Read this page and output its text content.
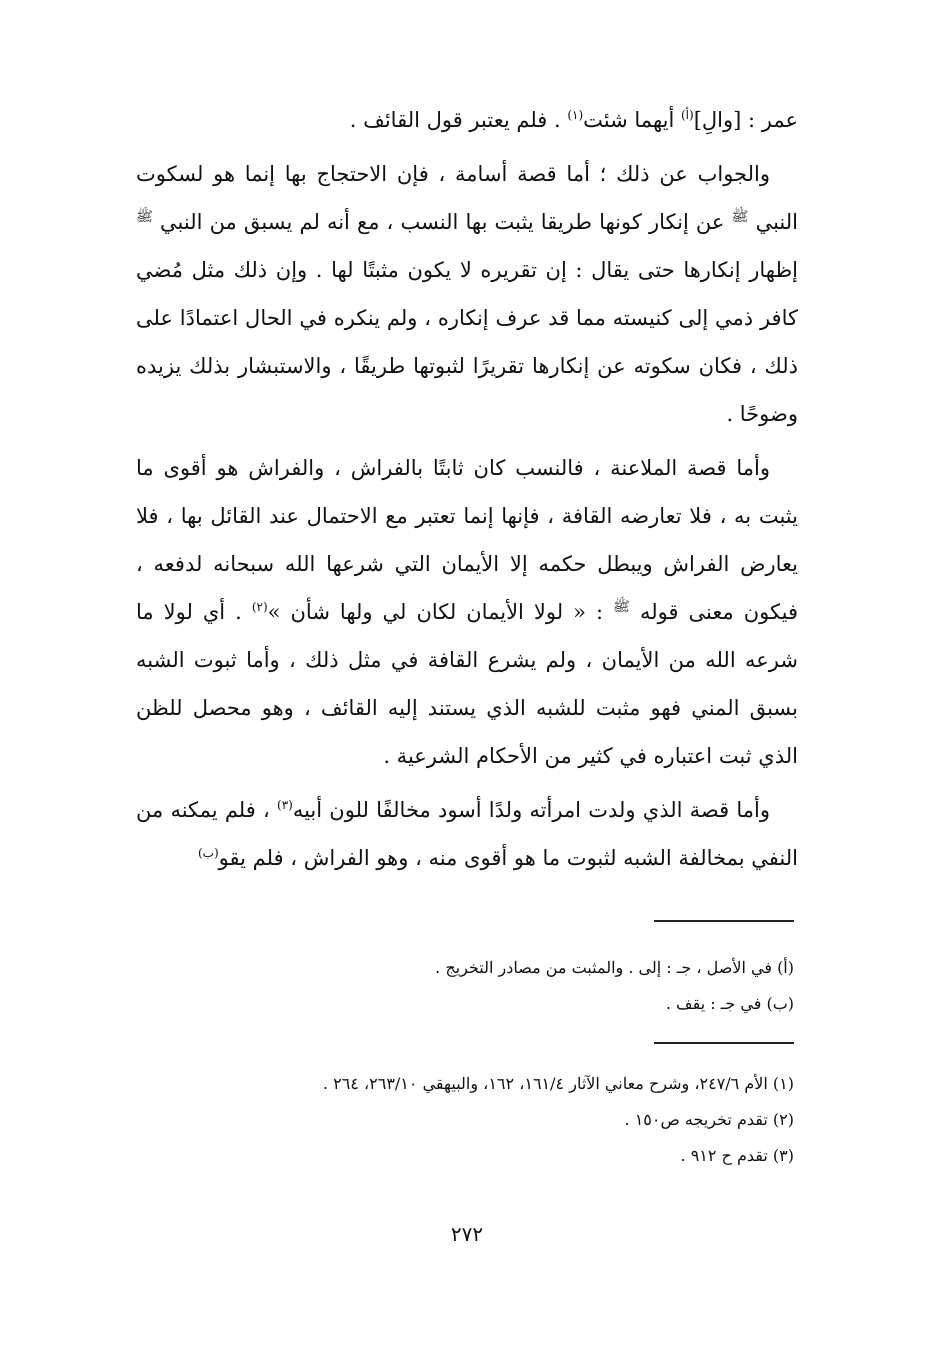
عمر : [والِ]$^{(أ)}$ أيهما شئت$^{(١)}$ . فلم يعتبر قول القائف .

والجواب عن ذلك ؛ أما قصة أسامة ، فإن الاحتجاج بها إنما هو لسكوت النبي $^ﷺ$ عن إنكار كونها طريقا يثبت بها النسب ، مع أنه لم يسبق من النبي $^ﷺ$ إظهار إنكارها حتى يقال : إن تقريره لا يكون مثبتًا لها . وإن ذلك مثل مُضي كافر ذمي إلى كنيسته مما قد عرف إنكاره ، ولم ينكره في الحال اعتمادًا على ذلك ، فكان سكوته عن إنكارها تقريرًا لثبوتها طريقًا ، والاستبشار بذلك يزيده وضوحًا .

وأما قصة الملاعنة ، فالنسب كان ثابتًا بالفراش ، والفراش هو أقوى ما يثبت به ، فلا تعارضه القافة ، فإنها إنما تعتبر مع الاحتمال عند القائل بها ، فلا يعارض الفراش ويبطل حكمه إلا الأيمان التي شرعها الله سبحانه لدفعه ، فيكون معنى قوله $^ﷺ$ : « لولا الأيمان لكان لي ولها شأن »$^{(٢)}$ . أي لولا ما شرعه الله من الأيمان ، ولم يشرع القافة في مثل ذلك ، وأما ثبوت الشبه بسبق المني فهو مثبت للشبه الذي يستند إليه القائف ، وهو محصل للظن الذي ثبت اعتباره في كثير من الأحكام الشرعية .

وأما قصة الذي ولدت امرأته ولدًا أسود مخالفًا للون أبيه$^{(٣)}$ ، فلم يمكنه من النفي بمخالفة الشبه لثبوت ما هو أقوى منه ، وهو الفراش ، فلم يقو$^{(ب)}$

(أ) في الأصل ، جـ : إلى . والمثبت من مصادر التخريج .
(ب) في جـ : يقف .
(١) الأم ٢٤٧/٦، وشرح معاني الآثار ١٦١/٤، ١٦٢، والبيهقي ٢٦٣/١٠، ٢٦٤ .
(٢) تقدم تخريجه ص١٥٠ .
(٣) تقدم ح ٩١٢ .
٢٧٢
